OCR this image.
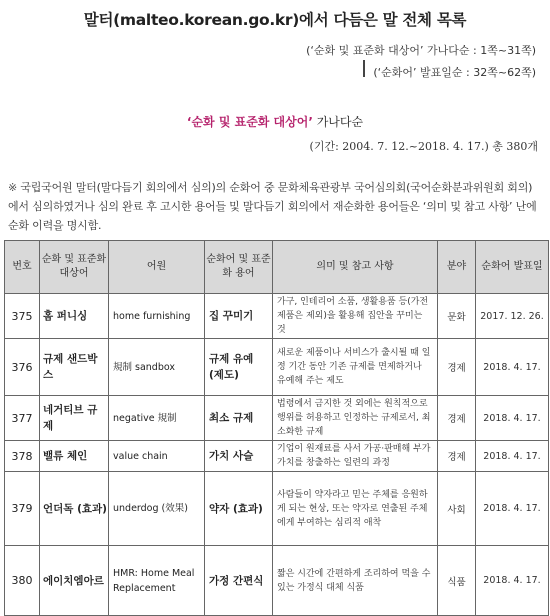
말터(malteo.korean.go.kr)에서 다듬은 말 전체 목록
(‘순화 및 표준화 대상어’ 가나다순 : 1쪽~31쪽)
(‘순화어’ 발표일순 : 32쪽~62쪽)
‘순화 및 표준화 대상어’ 가나다순
(기간: 2004. 7. 12.~2018. 4. 17.) 총 380개
※ 국립국어원 말터(말다듬기 회의에서 심의)의 순화어 중 문화체육관광부 국어심의회(국어순화분과위원회 회의)에서 심의하였거나 심의 완료 후 고시한 용어들 및 말다듬기 회의에서 재순화한 용어들은 ‘의미 및 참고 사항’ 난에 순화 이력을 명시함.
번호	순화 및 표준화 대상어	어원	순화어 및 표준화 용어	의미 및 참고 사항	분야	순화어 발표일
375	홈 퍼니싱	home furnishing	집 꾸미기	가구, 인테리어 소품, 생활용품 등(가전제품은 제외)을 활용해 집안을 꾸미는 것	문화	2017. 12. 26.
376	규제 샌드박스	規制 sandbox	규제 유예 (제도)	새로운 제품이나 서비스가 출시될 때 일정 기간 동안 기존 규제를 면제하거나 유예해 주는 제도	경제	2018. 4. 17.
377	네거티브 규제	negative 規制	최소 규제	법령에서 금지한 것 외에는 원칙적으로 행위를 허용하고 인정하는 규제로서, 최소화한 규제	경제	2018. 4. 17.
378	밸류 체인	value chain	가치 사슬	기업이 원재료를 사서 가공·판매해 부가가치를 창출하는 일련의 과정	경제	2018. 4. 17.
379	언더독 (효과)	underdog (效果)	약자 (효과)	사람들이 약자라고 믿는 주체를 응원하게 되는 현상, 또는 약자로 연출된 주체에게 부여하는 심리적 애착	사회	2018. 4. 17.
380	에이치엠아르	HMR: Home Meal Replacement	가정 간편식	짧은 시간에 간편하게 조리하여 먹을 수 있는 가정식 대체 식품	식품	2018. 4. 17.
